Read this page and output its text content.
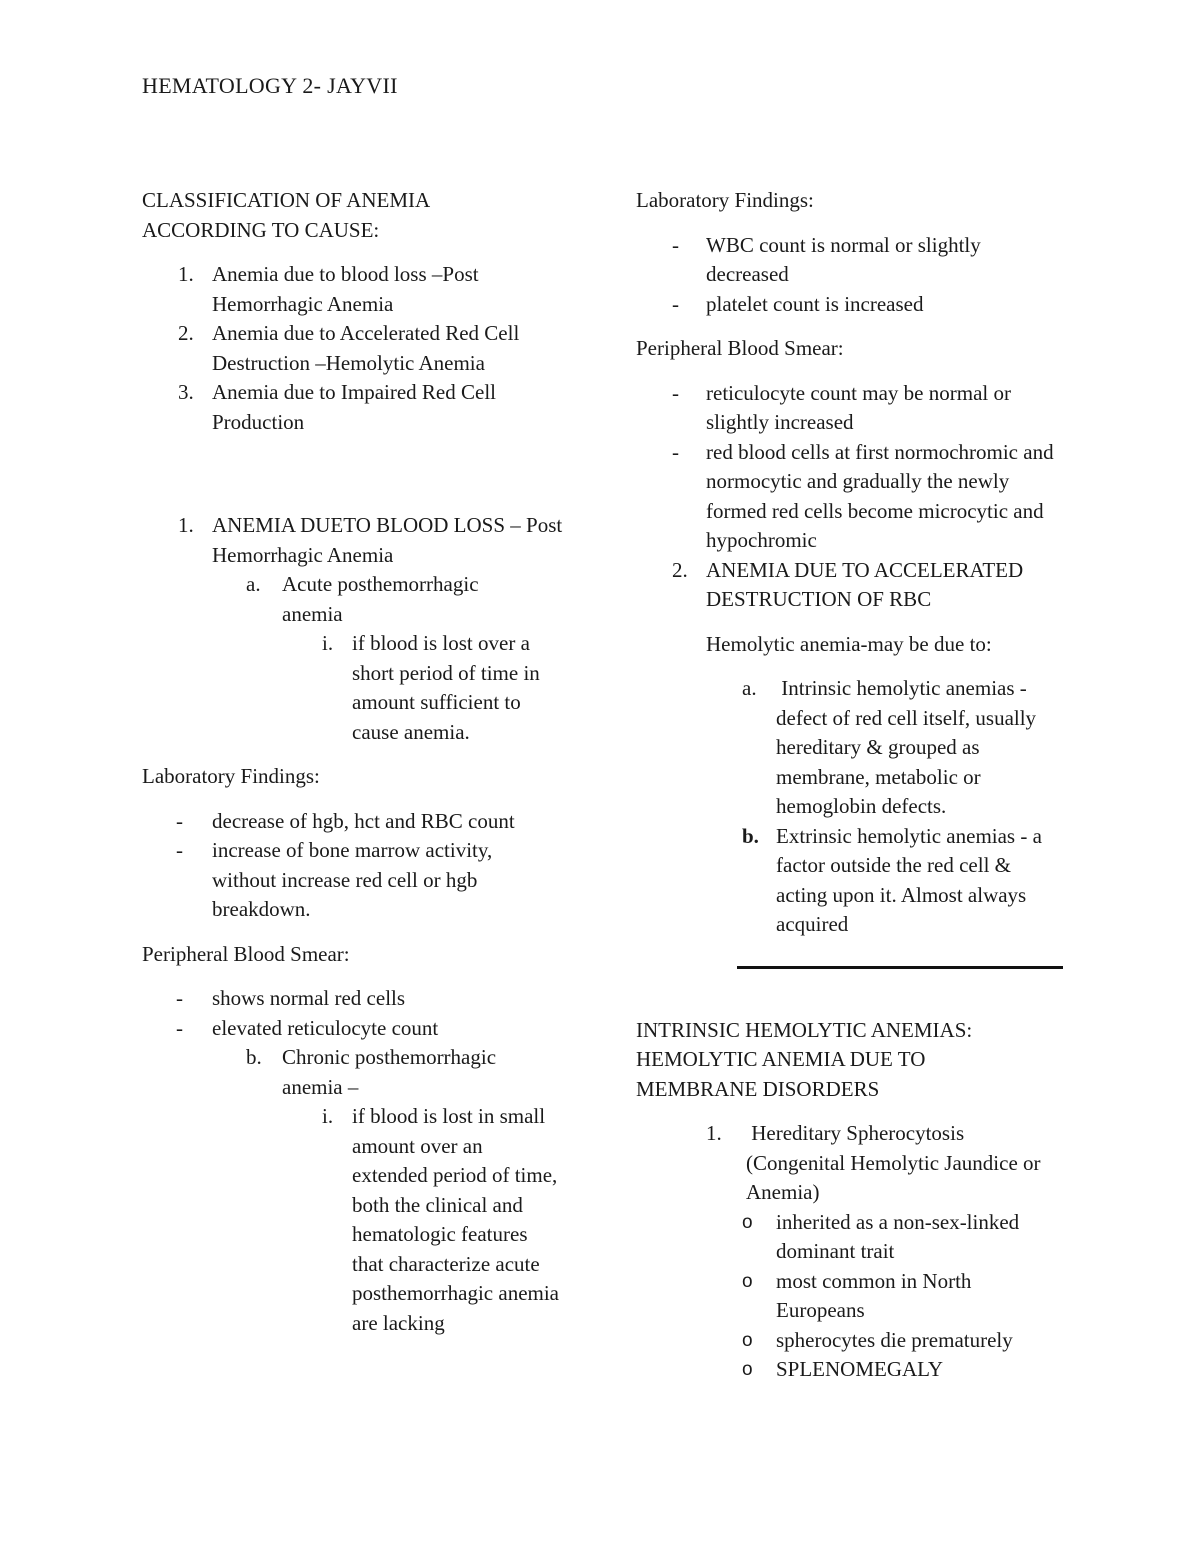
HEMATOLOGY 2- JAYVII

CLASSIFICATION OF ANEMIA

ACCORDING TO CAUSE:

1. Anemia due to blood loss –Post Hemorrhagic Anemia
2. Anemia due to Accelerated Red Cell Destruction –Hemolytic Anemia
3. Anemia due to Impaired Red Cell Production
1. ANEMIA DUETO BLOOD LOSS – Post Hemorrhagic Anemia
a. Acute posthemorrhagic anemia
i. if blood is lost over a short period of time in amount sufficient to cause anemia.

Laboratory Findings:

- decrease of hgb, hct and RBC count
- increase of bone marrow activity, without increase red cell or hgb breakdown.

Peripheral Blood Smear:

- shows normal red cells
- elevated reticulocyte count
b. Chronic posthemorrhagic anemia –
i. if blood is lost in small amount over an extended period of time, both the clinical and hematologic features that characterize acute posthemorrhagic anemia are lacking

Laboratory Findings:

- WBC count is normal or slightly decreased
- platelet count is increased

Peripheral Blood Smear:

- reticulocyte count may be normal or slightly increased
- red blood cells at first normochromic and normocytic and gradually the newly formed red cells become microcytic and hypochromic
2. ANEMIA DUE TO ACCELERATED DESTRUCTION OF RBC

Hemolytic anemia-may be due to:

a. Intrinsic hemolytic anemias - defect of red cell itself, usually hereditary & grouped as membrane, metabolic or hemoglobin defects.
b. Extrinsic hemolytic anemias - a factor outside the red cell & acting upon it. Almost always acquired

INTRINSIC HEMOLYTIC ANEMIAS:

HEMOLYTIC ANEMIA DUE TO

MEMBRANE DISORDERS

1. Hereditary Spherocytosis (Congenital Hemolytic Jaundice or Anemia)
o inherited as a non-sex-linked dominant trait
o most common in North Europeans
o spherocytes die prematurely
o SPLENOMEGALY
